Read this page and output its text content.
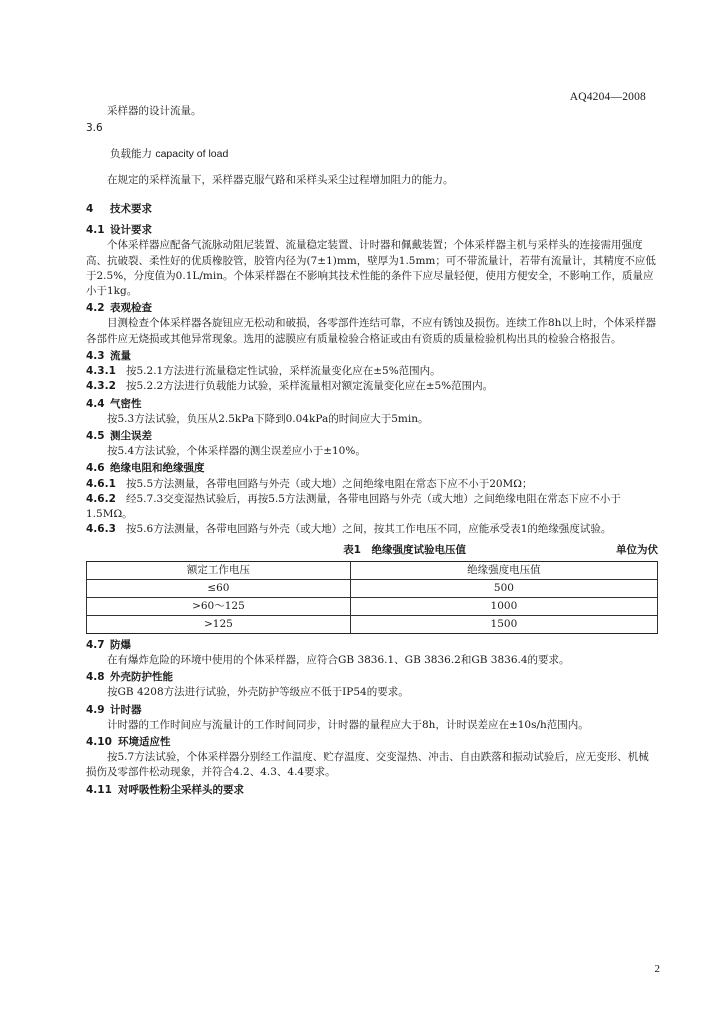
AQ4204—2008

采样器的设计流量。

3.6

负载能力 capacity of load

在规定的采样流量下，采样器克服气路和采样头采尘过程增加阻力的能力。

4 技术要求

4.1 设计要求

个体采样器应配备气流脉动阻尼装置、流量稳定装置、计时器和佩戴装置；个体采样器主机与采样头的连接需用强度高、抗破裂、柔性好的优质橡胶管，胶管内径为(7±1)mm，壁厚为1.5mm；可不带流量计，若带有流量计，其精度不应低于2.5%，分度值为0.1L/min。个体采样器在不影响其技术性能的条件下应尽量轻便，使用方便安全，不影响工作，质量应小于1kg。

4.2 表观检查

目测检查个体采样器各旋钮应无松动和破损，各零部件连结可靠，不应有锈蚀及损伤。连续工作8h以上时，个体采样器各部件应无烧损或其他异常现象。选用的滤膜应有质量检验合格证或由有资质的质量检验机构出具的检验合格报告。

4.3 流量

4.3.1 按5.2.1方法进行流量稳定性试验，采样流量变化应在±5%范围内。

4.3.2 按5.2.2方法进行负载能力试验，采样流量相对额定流量变化应在±5%范围内。

4.4 气密性

按5.3方法试验，负压从2.5kPa下降到0.04kPa的时间应大于5min。

4.5 测尘误差

按5.4方法试验，个体采样器的测尘误差应小于±10%。

4.6 绝缘电阻和绝缘强度

4.6.1 按5.5方法测量，各带电回路与外壳（或大地）之间绝缘电阻在常态下应不小于20MΩ；

4.6.2 经5.7.3交变湿热试验后，再按5.5方法测量，各带电回路与外壳（或大地）之间绝缘电阻在常态下应不小于1.5MΩ。

4.6.3 按5.6方法测量，各带电回路与外壳（或大地）之间，按其工作电压不同，应能承受表1的绝缘强度试验。

表1　绝缘强度试验电压值	单位为伏
额定工作电压	绝缘强度电压值
≤60	500
>60～125	1000
>125	1500

4.7 防爆

在有爆炸危险的环境中使用的个体采样器，应符合GB 3836.1、GB 3836.2和GB 3836.4的要求。

4.8 外壳防护性能

按GB 4208方法进行试验，外壳防护等级应不低于IP54的要求。

4.9 计时器

计时器的工作时间应与流量计的工作时间同步，计时器的量程应大于8h，计时误差应在±10s/h范围内。

4.10 环境适应性

按5.7方法试验，个体采样器分别经工作温度、贮存温度、交变湿热、冲击、自由跌落和振动试验后，应无变形、机械损伤及零部件松动现象，并符合4.2、4.3、4.4要求。

4.11 对呼吸性粉尘采样头的要求

2
